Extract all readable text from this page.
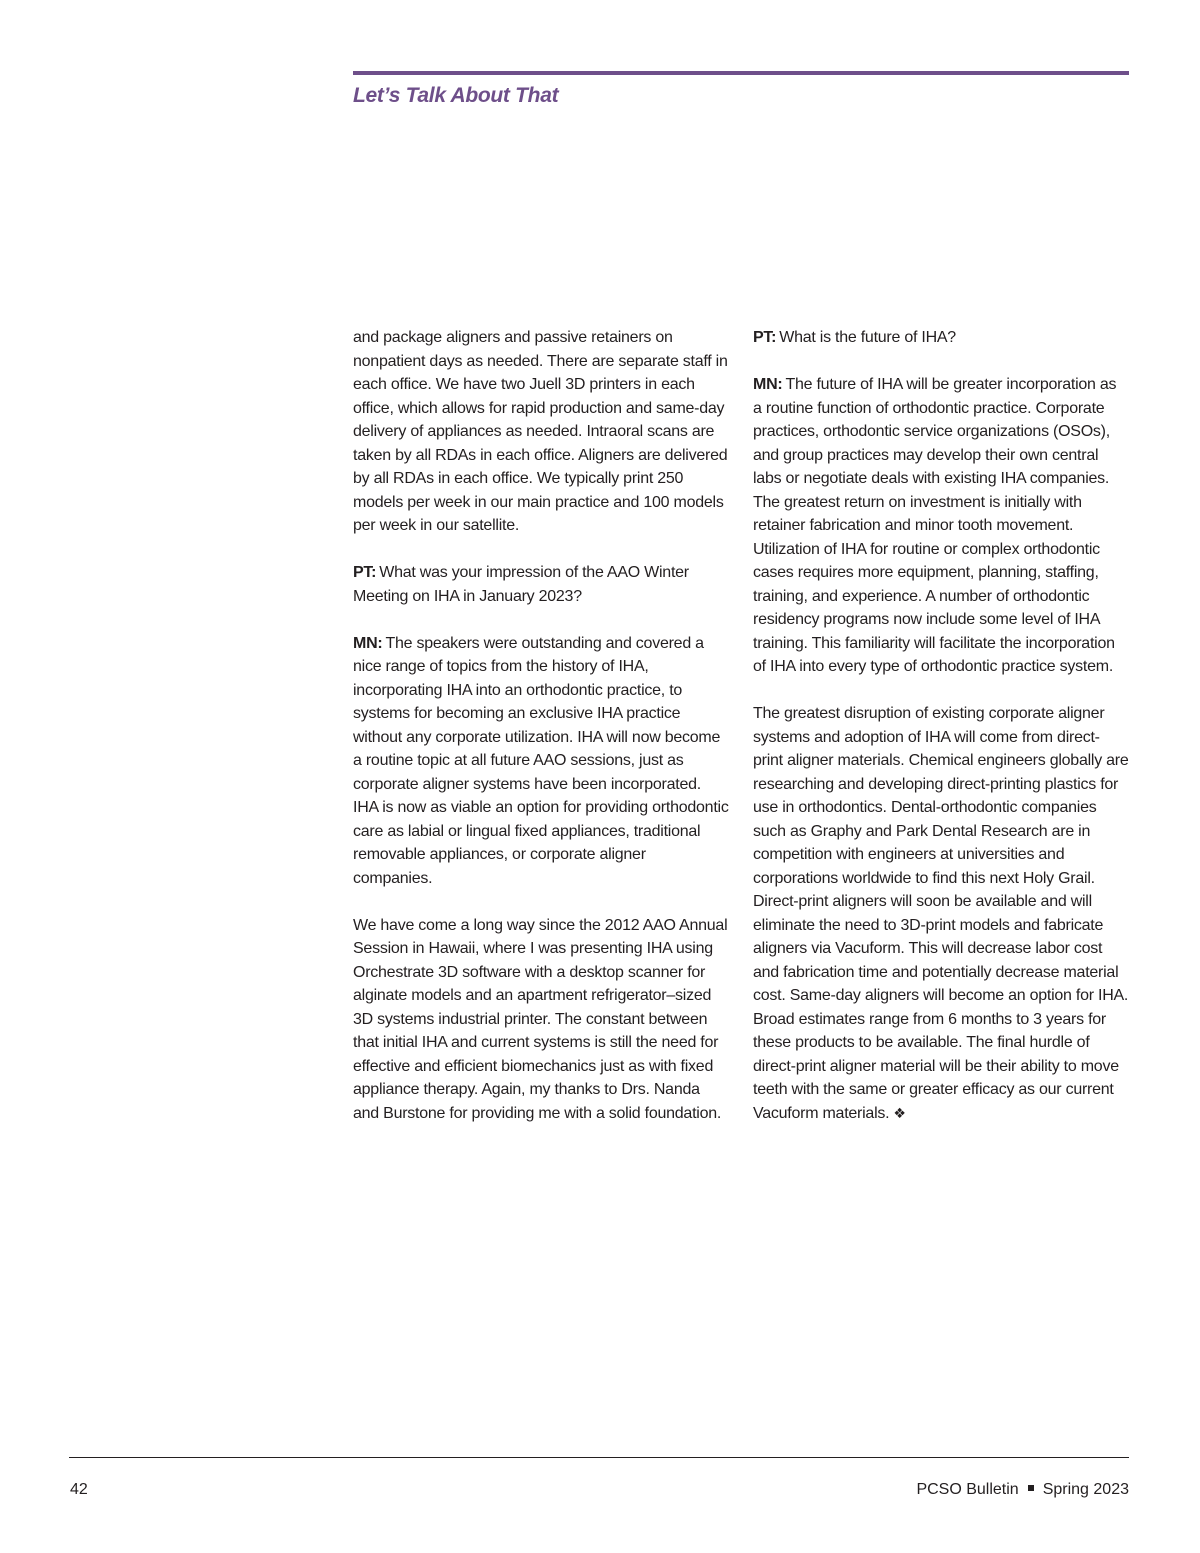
Let’s Talk About That

and package aligners and passive retainers on nonpatient days as needed. There are separate staff in each office. We have two Juell 3D printers in each office, which allows for rapid production and same-day delivery of appliances as needed. Intraoral scans are taken by all RDAs in each office. Aligners are delivered by all RDAs in each office. We typically print 250 models per week in our main practice and 100 models per week in our satellite.

PT: What was your impression of the AAO Winter Meeting on IHA in January 2023?

MN: The speakers were outstanding and covered a nice range of topics from the history of IHA, incorporating IHA into an orthodontic practice, to systems for becoming an exclusive IHA practice without any corporate utilization. IHA will now become a routine topic at all future AAO sessions, just as corporate aligner systems have been incorporated. IHA is now as viable an option for providing orthodontic care as labial or lingual fixed appliances, traditional removable appliances, or corporate aligner companies.

We have come a long way since the 2012 AAO Annual Session in Hawaii, where I was presenting IHA using Orchestrate 3D software with a desktop scanner for alginate models and an apartment refrigerator–sized 3D systems industrial printer. The constant between that initial IHA and current systems is still the need for effective and efficient biomechanics just as with fixed appliance therapy. Again, my thanks to Drs. Nanda and Burstone for providing me with a solid foundation.

PT: What is the future of IHA?

MN: The future of IHA will be greater incorporation as a routine function of orthodontic practice. Corporate practices, orthodontic service organizations (OSOs), and group practices may develop their own central labs or negotiate deals with existing IHA companies. The greatest return on investment is initially with retainer fabrication and minor tooth movement. Utilization of IHA for routine or complex orthodontic cases requires more equipment, planning, staffing, training, and experience. A number of orthodontic residency programs now include some level of IHA training. This familiarity will facilitate the incorporation of IHA into every type of orthodontic practice system.

The greatest disruption of existing corporate aligner systems and adoption of IHA will come from direct-print aligner materials. Chemical engineers globally are researching and developing direct-printing plastics for use in orthodontics. Dental-orthodontic companies such as Graphy and Park Dental Research are in competition with engineers at universities and corporations worldwide to find this next Holy Grail. Direct-print aligners will soon be available and will eliminate the need to 3D-print models and fabricate aligners via Vacuform. This will decrease labor cost and fabrication time and potentially decrease material cost. Same-day aligners will become an option for IHA. Broad estimates range from 6 months to 3 years for these products to be available. The final hurdle of direct-print aligner material will be their ability to move teeth with the same or greater efficacy as our current Vacuform materials. ❖

42	PCSO Bulletin Spring 2023
